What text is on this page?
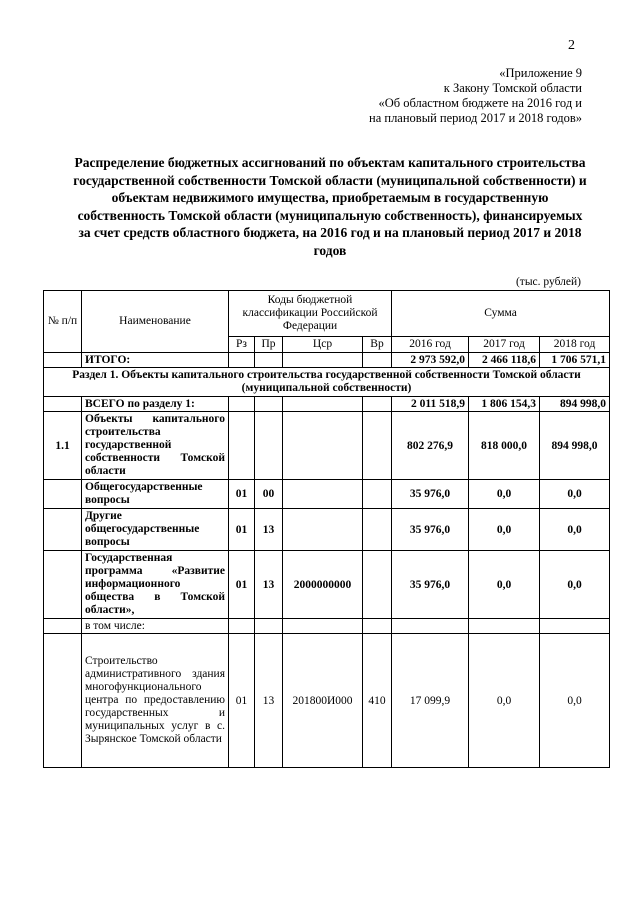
2
«Приложение 9
к Закону Томской области
«Об областном бюджете на 2016 год и
на плановый период 2017 и 2018 годов»
Распределение бюджетных ассигнований по объектам капитального строительства государственной собственности Томской области (муниципальной собственности) и объектам недвижимого имущества, приобретаемым в государственную собственность Томской области (муниципальную собственность), финансируемых за счет средств областного бюджета, на 2016 год и на плановый период 2017 и 2018 годов
(тыс. рублей)
№ п/п	Наименование	Коды бюджетной классификации Российской Федерации				Сумма		
		Рз	Пр	Цср	Вр	2016 год	2017 год	2018 год
	ИТОГО:					2 973 592,0	2 466 118,6	1 706 571,1
Раздел 1. Объекты капитального строительства государственной собственности Томской области (муниципальной собственности)								
	ВСЕГО по разделу 1:					2 011 518,9	1 806 154,3	894 998,0
1.1	Объекты капитального строительства государственной собственности Томской области					802 276,9	818 000,0	894 998,0
	Общегосударственные вопросы	01	00			35 976,0	0,0	0,0
	Другие общегосударственные вопросы	01	13			35 976,0	0,0	0,0
	Государственная программа «Развитие информационного общества в Томской области»,	01	13	2000000000		35 976,0	0,0	0,0
	в том числе:							
	Строительство административного здания многофункционального центра по предоставлению государственных и муниципальных услуг в с. Зырянское Томской области	01	13	201800И000	410	17 099,9	0,0	0,0
